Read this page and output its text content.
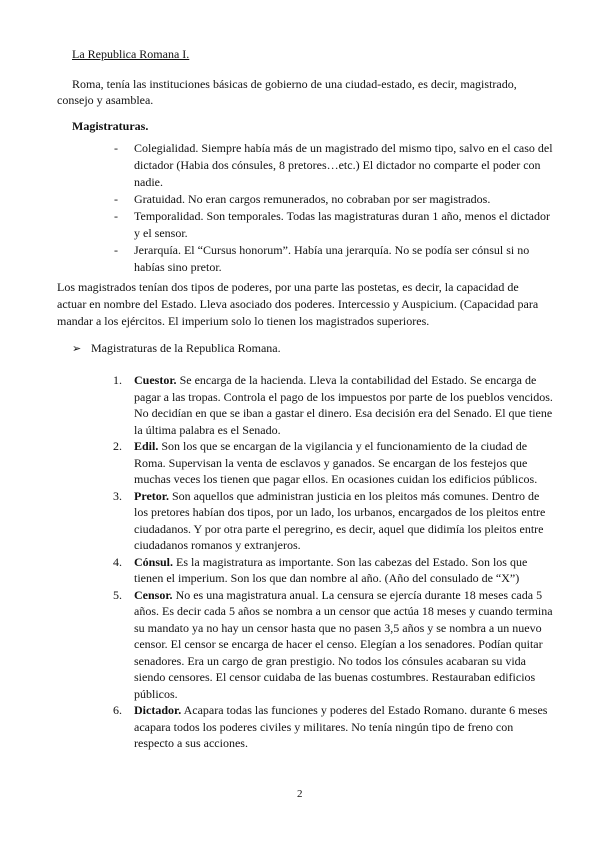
La Republica Romana I.
Roma, tenía las instituciones básicas de gobierno de una ciudad-estado, es decir, magistrado,
consejo y asamblea.
Magistraturas.
- Colegialidad. Siempre había más de un magistrado del mismo tipo, salvo en el caso del dictador (Habia dos cónsules, 8 pretores…etc.) El dictador no comparte el poder con nadie.
- Gratuidad. No eran cargos remunerados, no cobraban por ser magistrados.
- Temporalidad. Son temporales. Todas las magistraturas duran 1 año, menos el dictador y el sensor.
- Jerarquía. El “Cursus honorum”. Había una jerarquía. No se podía ser cónsul si no habías sino pretor.
Los magistrados tenían dos tipos de poderes, por una parte las postetas, es decir, la capacidad de actuar en nombre del Estado. Lleva asociado dos poderes. Intercessio y Auspicium. (Capacidad para mandar a los ejércitos. El imperium solo lo tienen los magistrados superiores.
➢ Magistraturas de la Republica Romana.
1. Cuestor. Se encarga de la hacienda. Lleva la contabilidad del Estado. Se encarga de pagar a las tropas. Controla el pago de los impuestos por parte de los pueblos vencidos. No decidían en que se iban a gastar el dinero. Esa decisión era del Senado. El que tiene la última palabra es el Senado.
2. Edil. Son los que se encargan de la vigilancia y el funcionamiento de la ciudad de Roma. Supervisan la venta de esclavos y ganados. Se encargan de los festejos que muchas veces los tienen que pagar ellos. En ocasiones cuidan los edificios públicos.
3. Pretor. Son aquellos que administran justicia en los pleitos más comunes. Dentro de los pretores habían dos tipos, por un lado, los urbanos, encargados de los pleitos entre ciudadanos. Y por otra parte el peregrino, es decir, aquel que didimía los pleitos entre ciudadanos romanos y extranjeros.
4. Cónsul. Es la magistratura as importante. Son las cabezas del Estado. Son los que tienen el imperium. Son los que dan nombre al año. (Año del consulado de “X”)
5. Censor. No es una magistratura anual. La censura se ejercía durante 18 meses cada 5 años. Es decir cada 5 años se nombra a un censor que actúa 18 meses y cuando termina su mandato ya no hay un censor hasta que no pasen 3,5 años y se nombra a un nuevo censor. El censor se encarga de hacer el censo. Elegían a los senadores. Podían quitar senadores. Era un cargo de gran prestigio. No todos los cónsules acabaran su vida siendo censores. El censor cuidaba de las buenas costumbres. Restauraban edificios públicos.
6. Dictador. Acapara todas las funciones y poderes del Estado Romano. durante 6 meses acapara todos los poderes civiles y militares. No tenía ningún tipo de freno con respecto a sus acciones.
2
